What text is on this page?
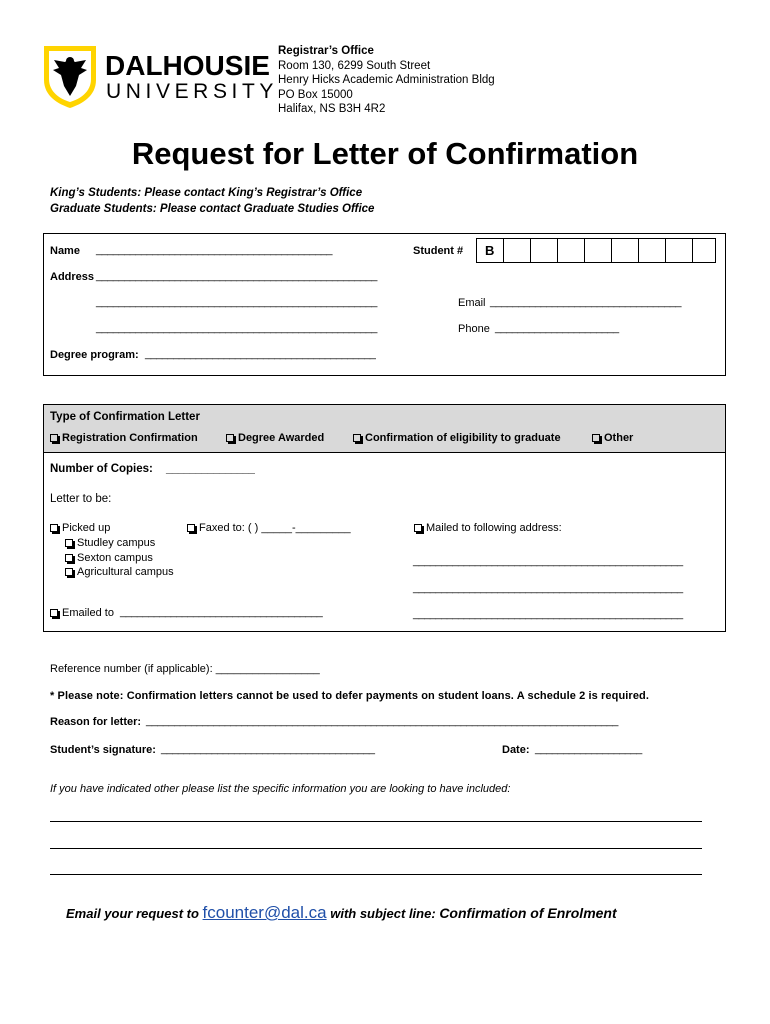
DALHOUSIE
UNIVERSITY
Registrar’s Office
Room 130, 6299 South Street
Henry Hicks Academic Administration Bldg
PO Box 15000
Halifax, NS B3H 4R2
Request for Letter of Confirmation
King’s Students: Please contact King’s Registrar’s Office
Graduate Students: Please contact Graduate Studies Office
Name __________________________________________	Student # B
Address __________________________________________________
__________________________________________________
__________________________________________________
Email __________________________________
Phone ______________________
Degree program: _________________________________________
Type of Confirmation Letter
Registration Confirmation	Degree Awarded	Confirmation of eligibility to graduate	Other
Number of Copies: _______________
Letter to be:
Picked up
Studley campus
Sexton campus
Agricultural campus
Faxed to: ( ) _____-_________	Mailed to following address:
________________________________________________
________________________________________________
________________________________________________
Emailed to ____________________________________
Reference number (if applicable): _________________
* Please note: Confirmation letters cannot be used to defer payments on student loans. A schedule 2 is required.
Reason for letter: ____________________________________________________________________________________
Student’s signature: ______________________________________	Date: ___________________
If you have indicated other please list the specific information you are looking to have included:
Email your request to fcounter@dal.ca with subject line: Confirmation of Enrolment
